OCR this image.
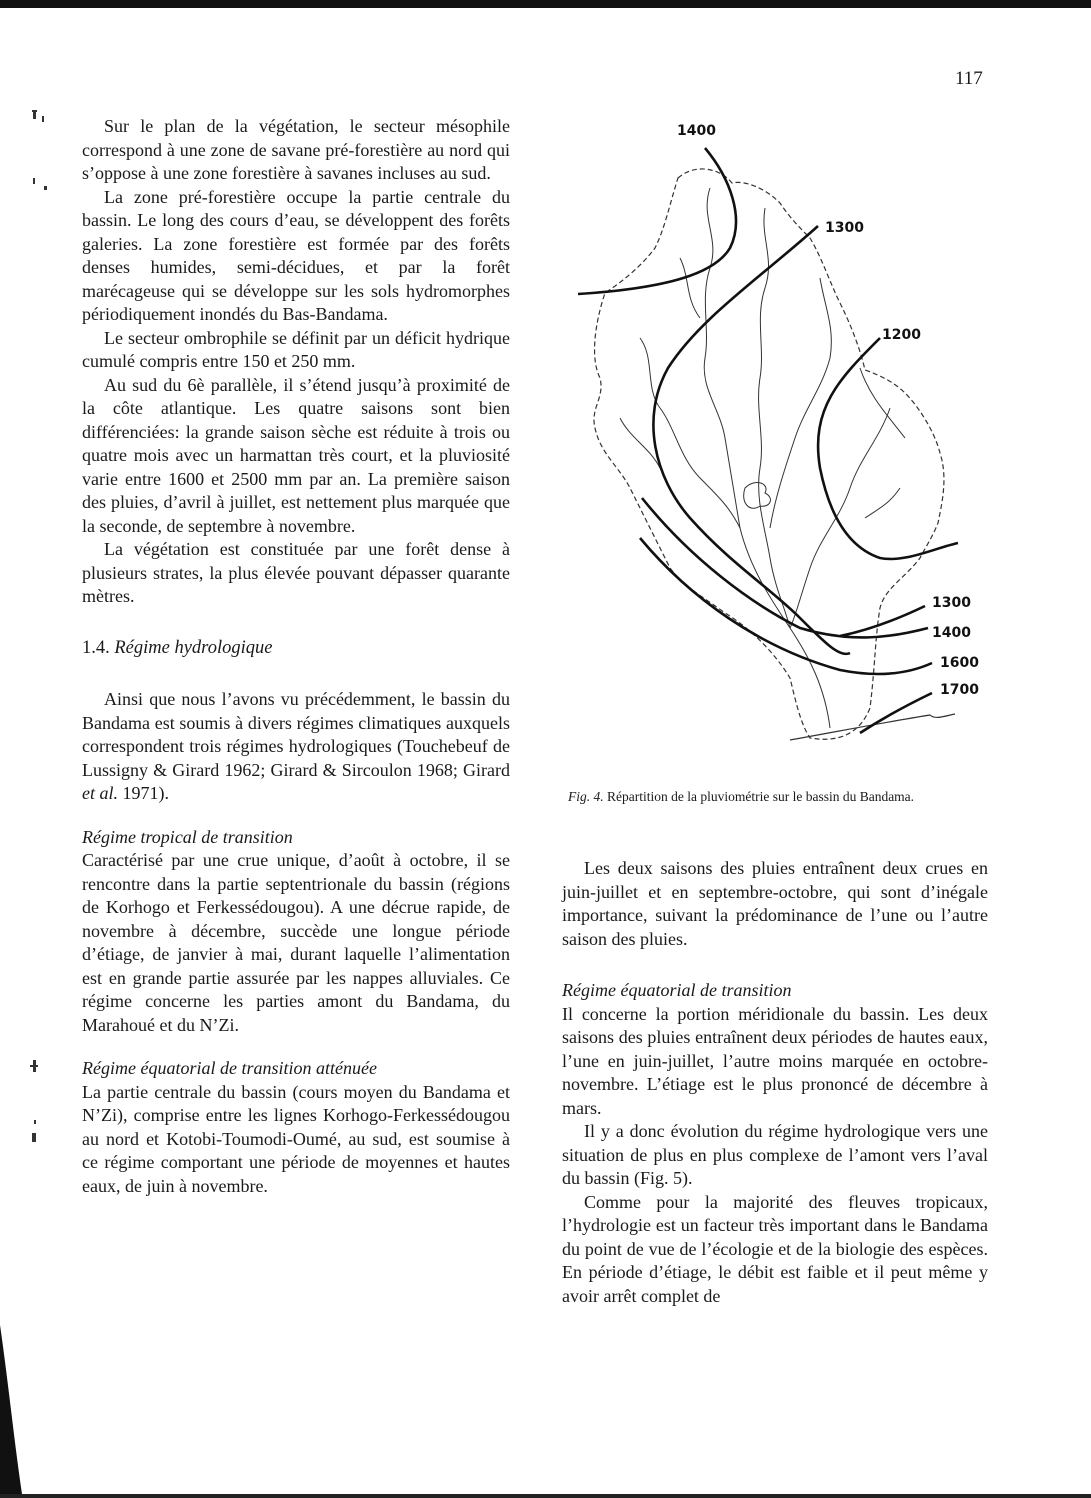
117

Sur le plan de la végétation, le secteur mésophile correspond à une zone de savane pré-forestière au nord qui s’oppose à une zone forestière à savanes incluses au sud.

La zone pré-forestière occupe la partie centrale du bassin. Le long des cours d’eau, se développent des forêts galeries. La zone forestière est formée par des forêts denses humides, semi-décidues, et par la forêt marécageuse qui se développe sur les sols hydromorphes périodiquement inondés du Bas-Bandama.

Le secteur ombrophile se définit par un déficit hydrique cumulé compris entre 150 et 250 mm.

Au sud du 6è parallèle, il s’étend jusqu’à proximité de la côte atlantique. Les quatre saisons sont bien différenciées: la grande saison sèche est réduite à trois ou quatre mois avec un harmattan très court, et la pluviosité varie entre 1600 et 2500 mm par an. La première saison des pluies, d’avril à juillet, est nettement plus marquée que la seconde, de septembre à novembre.

La végétation est constituée par une forêt dense à plusieurs strates, la plus élevée pouvant dépasser quarante mètres.

1.4. Régime hydrologique

Ainsi que nous l’avons vu précédemment, le bassin du Bandama est soumis à divers régimes climatiques auxquels correspondent trois régimes hydrologiques (Touchebeuf de Lussigny & Girard 1962; Girard & Sircoulon 1968; Girard et al. 1971).

Régime tropical de transition

Caractérisé par une crue unique, d’août à octobre, il se rencontre dans la partie septentrionale du bassin (régions de Korhogo et Ferkessédougou). A une décrue rapide, de novembre à décembre, succède une longue période d’étiage, de janvier à mai, durant laquelle l’alimentation est en grande partie assurée par les nappes alluviales. Ce régime concerne les parties amont du Bandama, du Marahoué et du N’Zi.

Régime équatorial de transition atténuée

La partie centrale du bassin (cours moyen du Bandama et N’Zi), comprise entre les lignes Korhogo-Ferkessédougou au nord et Kotobi-Toumodi-Oumé, au sud, est soumise à ce régime comportant une période de moyennes et hautes eaux, de juin à novembre.

1400
1300
1200
1300
1400
1600
1700
Fig. 4. Répartition de la pluviométrie sur le bassin du Bandama.

Les deux saisons des pluies entraînent deux crues en juin-juillet et en septembre-octobre, qui sont d’inégale importance, suivant la prédominance de l’une ou l’autre saison des pluies.

Régime équatorial de transition

Il concerne la portion méridionale du bassin. Les deux saisons des pluies entraînent deux périodes de hautes eaux, l’une en juin-juillet, l’autre moins marquée en octobre-novembre. L’étiage est le plus prononcé de décembre à mars.

Il y a donc évolution du régime hydrologique vers une situation de plus en plus complexe de l’amont vers l’aval du bassin (Fig. 5).

Comme pour la majorité des fleuves tropicaux, l’hydrologie est un facteur très important dans le Bandama du point de vue de l’écologie et de la biologie des espèces. En période d’étiage, le débit est faible et il peut même y avoir arrêt complet de
